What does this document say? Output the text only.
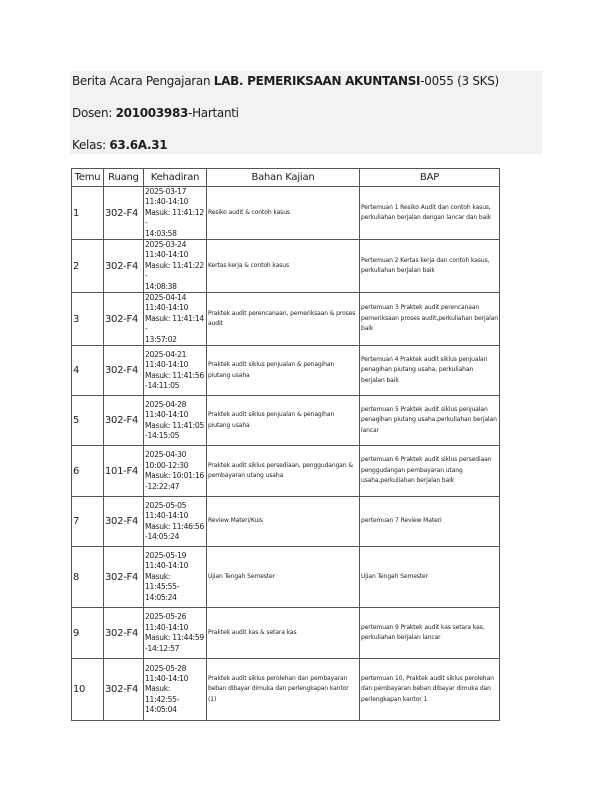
Berita Acara Pengajaran LAB. PEMERIKSAAN AKUNTANSI-0055 (3 SKS)
Dosen: 201003983-Hartanti
Kelas: 63.6A.31
Temu	Ruang	Kehadiran	Bahan Kajian	BAP
1	302-F4	2025-03-17
11:40-14:10
Masuk: 11:41:12 -
14:03:58	Resiko audit & contoh kasus	Pertemuan 1 Resiko Audit dan contoh kasus, perkuliahan berjalan dengan lancar dan baik
2	302-F4	2025-03-24
11:40-14:10
Masuk: 11:41:22 -
14:08:38	Kertas kerja & contoh kasus	Pertemuan 2 Kertas kerja dan contoh kasus, perkuliahan berjalan baik
3	302-F4	2025-04-14
11:40-14:10
Masuk: 11:41:14 -
13:57:02	Praktek audit perencanaan, pemeriksaan & proses audit	pertemuan 3 Praktek audit perencanaan pemeriksaan proses audit,perkuliahan berjalan baik
4	302-F4	2025-04-21
11:40-14:10
Masuk: 11:41:56
-14:11:05	Praktek audit siklus penjualan & penagihan piutang usaha	Pertemuan 4 Praktek audit siklus penjualan penagihan piutang usaha, perkuliahan berjalan baik
5	302-F4	2025-04-28
11:40-14:10
Masuk: 11:41:05
-14:15:05	Praktek audit siklus penjualan & penagihan piutang usaha	pertemuan 5 Praktek audit siklus penjualan penagihan piutang usaha,perkuliahan berjalan lancar
6	101-F4	2025-04-30
10:00-12:30
Masuk: 10:01:16
-12:22:47	Praktek audit siklus persediaan, penggudangan & pembayaran utang usaha	pertemuan 6 Praktek audit siklus persediaan penggudangan pembayaran utang usaha,perkuliahan berjalan baik
7	302-F4	2025-05-05
11:40-14:10
Masuk: 11:46:56
-14:05:24	Review Materi/Kuis	pertemuan 7 Review Materi
8	302-F4	2025-05-19
11:40-14:10
Masuk:
11:45:55-
14:05:24	Ujian Tengah Semester	Ujian Tengah Semester
9	302-F4	2025-05-26
11:40-14:10
Masuk: 11:44:59
-14:12:57	Praktek audit kas & setara kas	pertemuan 9 Praktek audit kas setara kas, perkuliahan berjalan lancar
10	302-F4	2025-05-28
11:40-14:10
Masuk:
11:42:55-
14:05:04	Praktek audit siklus perolehan dan pembayaran beban dibayar dimuka dan perlengkapan kantor (1)	pertemuan 10, Praktek audit siklus perolehan dan pembayaran beban dibayar dimuka dan perlengkapan kantor 1
